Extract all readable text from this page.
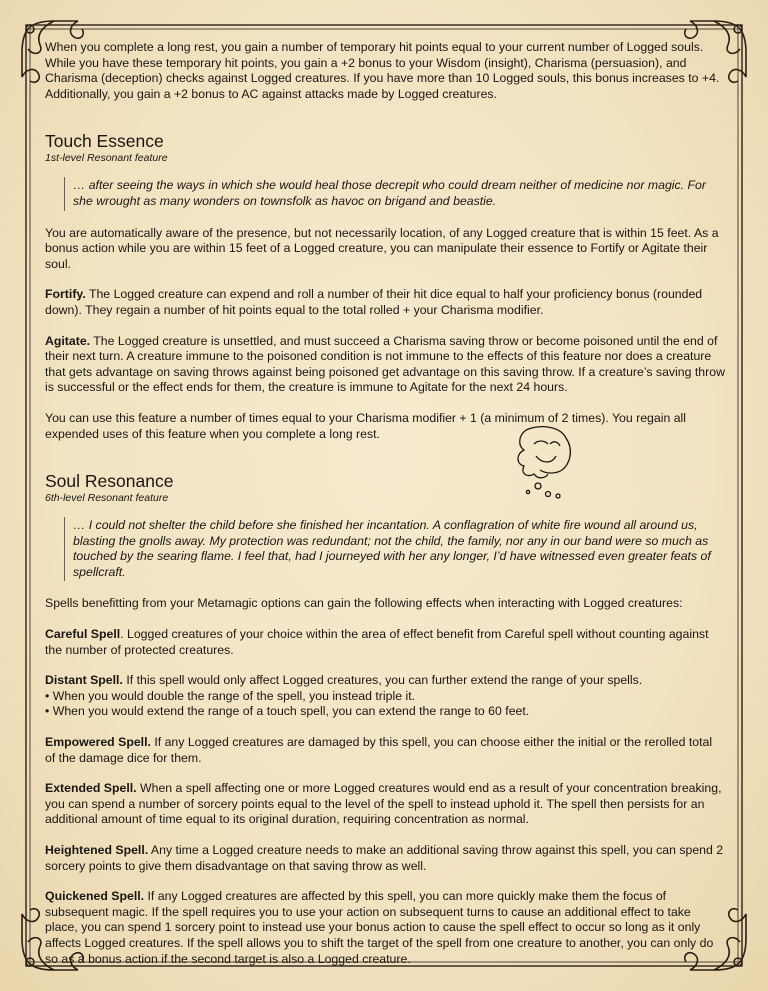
When you complete a long rest, you gain a number of temporary hit points equal to your current number of Logged souls. While you have these temporary hit points, you gain a +2 bonus to your Wisdom (insight), Charisma (persuasion), and Charisma (deception) checks against Logged creatures. If you have more than 10 Logged souls, this bonus increases to +4. Additionally, you gain a +2 bonus to AC against attacks made by Logged creatures.

Touch Essence
1st-level Resonant feature
… after seeing the ways in which she would heal those decrepit who could dream neither of medicine nor magic. For she wrought as many wonders on townsfolk as havoc on brigand and beastie.

You are automatically aware of the presence, but not necessarily location, of any Logged creature that is within 15 feet. As a bonus action while you are within 15 feet of a Logged creature, you can manipulate their essence to Fortify or Agitate their soul.

Fortify. The Logged creature can expend and roll a number of their hit dice equal to half your proficiency bonus (rounded down). They regain a number of hit points equal to the total rolled + your Charisma modifier.

Agitate. The Logged creature is unsettled, and must succeed a Charisma saving throw or become poisoned until the end of their next turn. A creature immune to the poisoned condition is not immune to the effects of this feature nor does a creature that gets advantage on saving throws against being poisoned get advantage on this saving throw. If a creature’s saving throw is successful or the effect ends for them, the creature is immune to Agitate for the next 24 hours.

You can use this feature a number of times equal to your Charisma modifier + 1 (a minimum of 2 times). You regain all expended uses of this feature when you complete a long rest.

Soul Resonance
6th-level Resonant feature
… I could not shelter the child before she finished her incantation. A conflagration of white fire wound all around us, blasting the gnolls away. My protection was redundant; not the child, the family, nor any in our band were so much as touched by the searing flame. I feel that, had I journeyed with her any longer, I’d have witnessed even greater feats of spellcraft.

Spells benefitting from your Metamagic options can gain the following effects when interacting with Logged creatures:

Careful Spell. Logged creatures of your choice within the area of effect benefit from Careful spell without counting against the number of protected creatures.

Distant Spell. If this spell would only affect Logged creatures, you can further extend the range of your spells.
• When you would double the range of the spell, you instead triple it.
• When you would extend the range of a touch spell, you can extend the range to 60 feet.

Empowered Spell. If any Logged creatures are damaged by this spell, you can choose either the initial or the rerolled total of the damage dice for them.

Extended Spell. When a spell affecting one or more Logged creatures would end as a result of your concentration breaking, you can spend a number of sorcery points equal to the level of the spell to instead uphold it. The spell then persists for an additional amount of time equal to its original duration, requiring concentration as normal.

Heightened Spell. Any time a Logged creature needs to make an additional saving throw against this spell, you can spend 2 sorcery points to give them disadvantage on that saving throw as well.

Quickened Spell. If any Logged creatures are affected by this spell, you can more quickly make them the focus of subsequent magic. If the spell requires you to use your action on subsequent turns to cause an additional effect to take place, you can spend 1 sorcery point to instead use your bonus action to cause the spell effect to occur so long as it only affects Logged creatures. If the spell allows you to shift the target of the spell from one creature to another, you can only do so as a bonus action if the second target is also a Logged creature.
